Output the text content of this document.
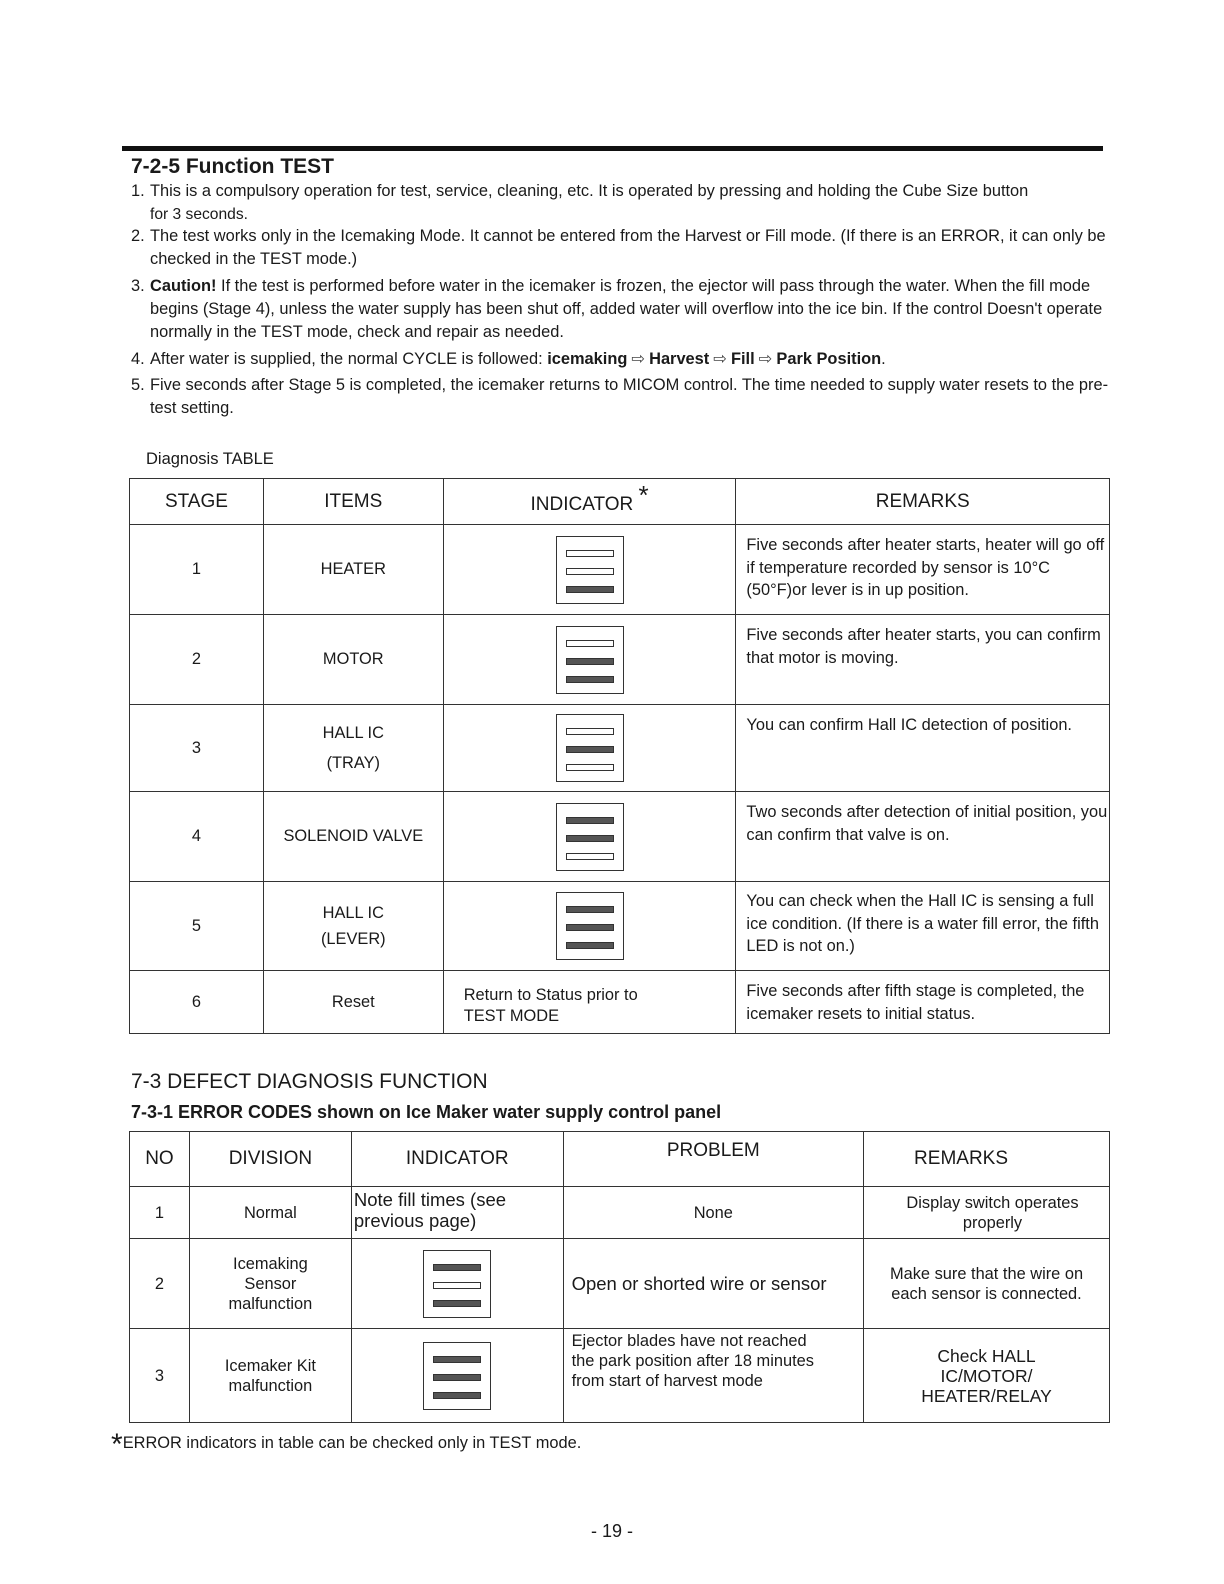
7-2-5 Function TEST
1. This is a compulsory operation for test, service, cleaning, etc. It is operated by pressing and holding the Cube Size button
for 3 seconds.
2. The test works only in the Icemaking Mode. It cannot be entered from the Harvest or Fill mode. (If there is an ERROR, it can only be checked in the TEST mode.)
3. Caution! If the test is performed before water in the icemaker is frozen, the ejector will pass through the water. When the fill mode begins (Stage 4), unless the water supply has been shut off, added water will overflow into the ice bin. If the control Doesn't operate normally in the TEST mode, check and repair as needed.
4. After water is supplied, the normal CYCLE is followed: icemaking ⇨ Harvest ⇨ Fill ⇨ Park Position.
5. Five seconds after Stage 5 is completed, the icemaker returns to MICOM control. The time needed to supply water resets to the pre- test setting.
Diagnosis TABLE
STAGE	ITEMS	INDICATOR *	REMARKS
1	HEATER		Five seconds after heater starts, heater will go off if temperature recorded by sensor is 10°C (50°F)or lever is in up position.
2	MOTOR		Five seconds after heater starts, you can confirm that motor is moving.
3	HALL IC
(TRAY)		You can confirm Hall IC detection of position.
4	SOLENOID VALVE		Two seconds after detection of initial position, you can confirm that valve is on.
5	HALL IC
(LEVER)		You can check when the Hall IC is sensing a full ice condition. (If there is a water fill error, the fifth LED is not on.)
6	Reset	Return to Status prior to TEST MODE	Five seconds after fifth stage is completed, the icemaker resets to initial status.
7-3 DEFECT DIAGNOSIS FUNCTION
7-3-1 ERROR CODES shown on Ice Maker water supply control panel
NO	DIVISION	INDICATOR	PROBLEM	REMARKS
1	Normal	Note fill times (see previous page)	None	Display switch operates properly
2	Icemaking Sensor malfunction		Open or shorted wire or sensor	Make sure that the wire on each sensor is connected.
3	Icemaker Kit malfunction		Ejector blades have not reached the park position after 18 minutes from start of harvest mode	Check HALL IC/MOTOR/ HEATER/RELAY
*ERROR indicators in table can be checked only in TEST mode.
- 19 -
